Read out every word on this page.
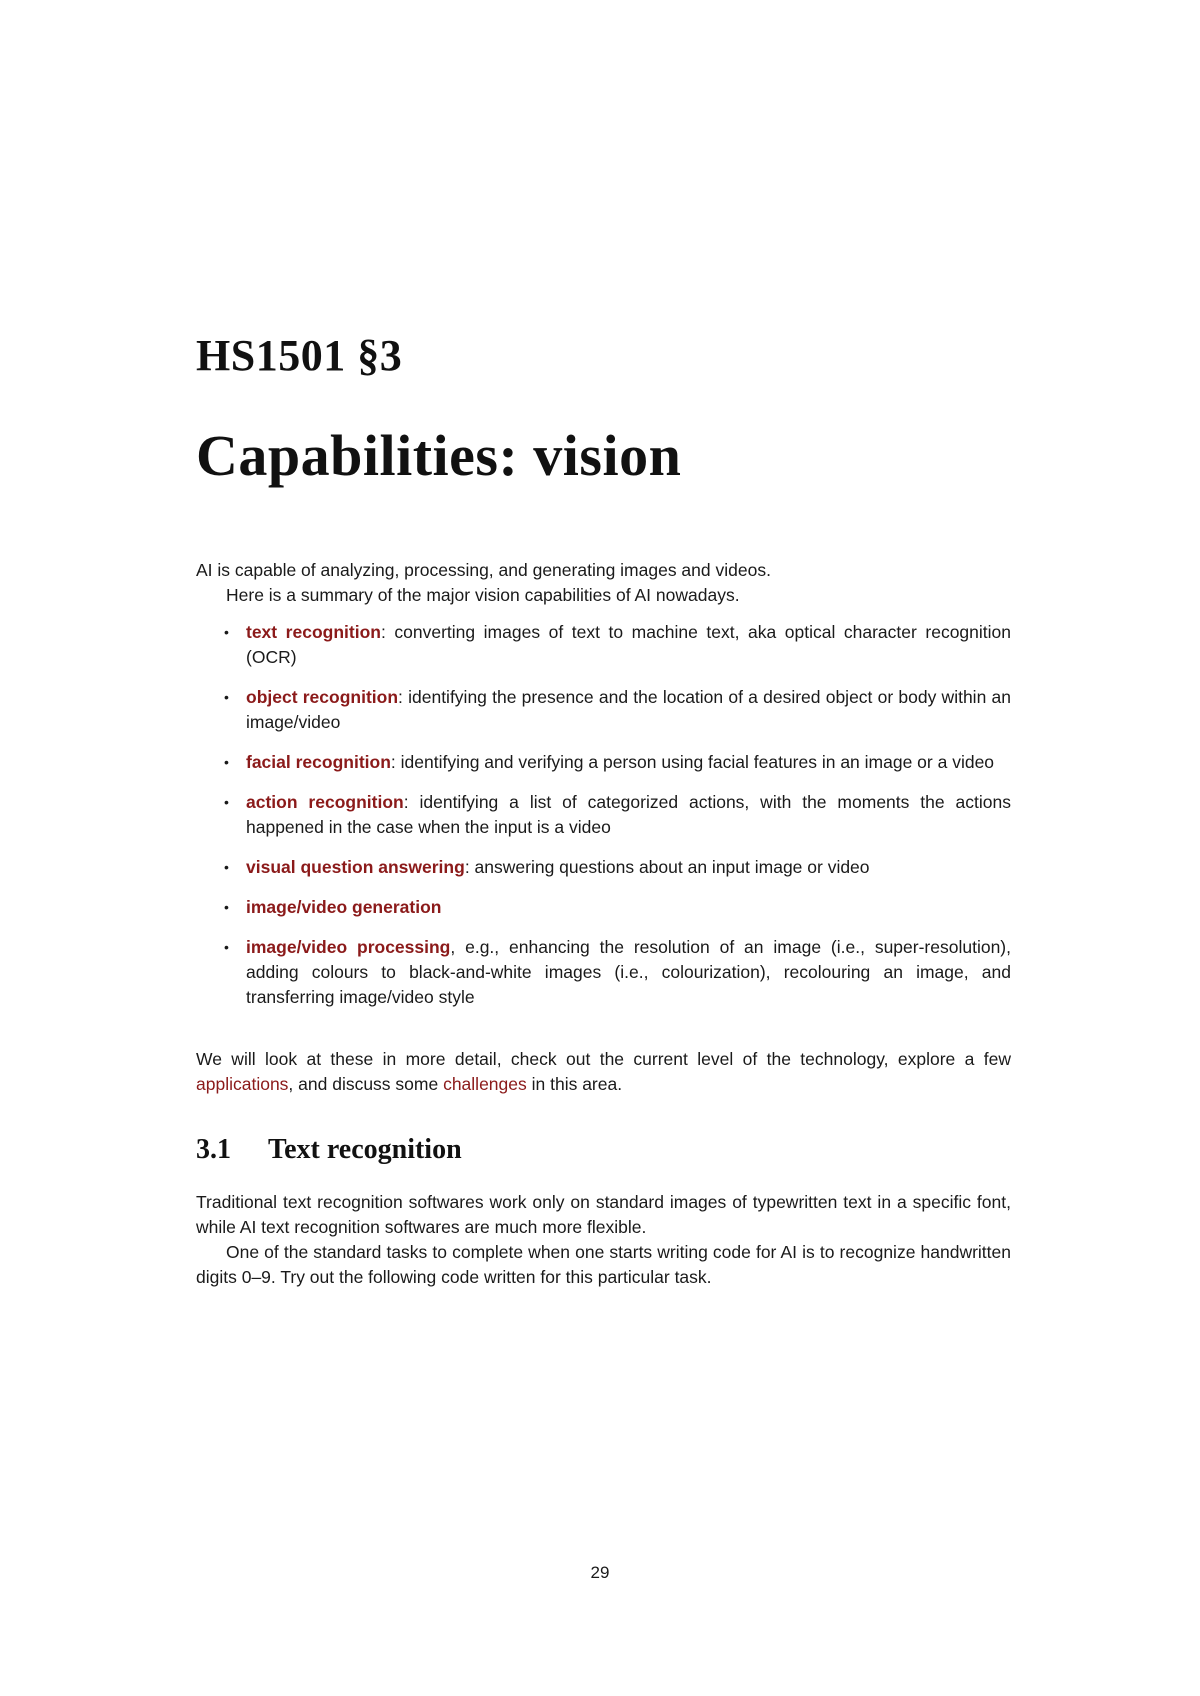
HS1501 §3
Capabilities: vision

AI is capable of analyzing, processing, and generating images and videos.

Here is a summary of the major vision capabilities of AI nowadays.

• text recognition: converting images of text to machine text, aka optical character recognition (OCR)
• object recognition: identifying the presence and the location of a desired object or body within an image/video
• facial recognition: identifying and verifying a person using facial features in an image or a video
• action recognition: identifying a list of categorized actions, with the moments the actions happened in the case when the input is a video
• visual question answering: answering questions about an input image or video
• image/video generation
• image/video processing, e.g., enhancing the resolution of an image (i.e., super-resolution), adding colours to black-and-white images (i.e., colourization), recolouring an image, and transferring image/video style

We will look at these in more detail, check out the current level of the technology, explore a few applications, and discuss some challenges in this area.

3.1 Text recognition

Traditional text recognition softwares work only on standard images of typewritten text in a specific font, while AI text recognition softwares are much more flexible.

One of the standard tasks to complete when one starts writing code for AI is to recognize handwritten digits 0–9. Try out the following code written for this particular task.

29
